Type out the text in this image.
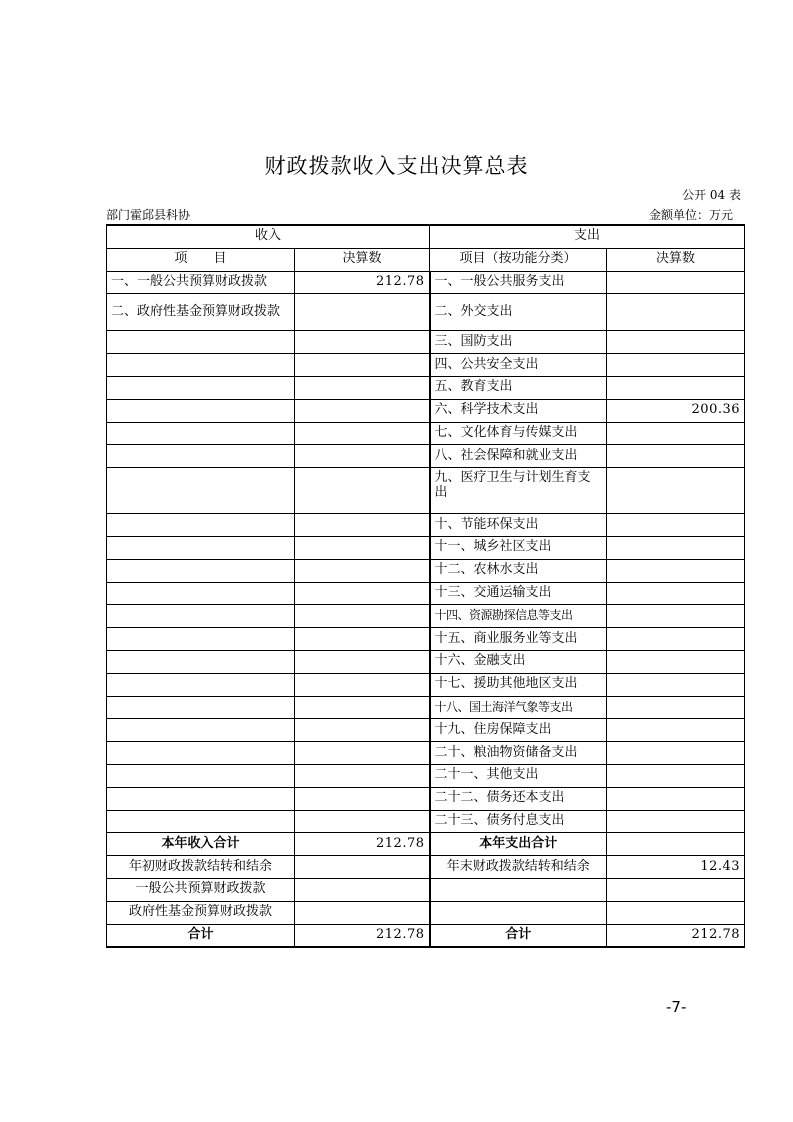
财政拨款收入支出决算总表
公开 04 表
部门霍邱县科协	金额单位：万元
收入		支出	
项　　目	决算数	项目（按功能分类）	决算数
一、一般公共预算财政拨款	212.78	一、一般公共服务支出	
二、政府性基金预算财政拨款		二、外交支出	
		三、国防支出	
		四、公共安全支出	
		五、教育支出	
		六、科学技术支出	200.36
		七、文化体育与传媒支出	
		八、社会保障和就业支出	
		九、医疗卫生与计划生育支出	
		十、节能环保支出	
		十一、城乡社区支出	
		十二、农林水支出	
		十三、交通运输支出	
		十四、资源勘探信息等支出	
		十五、商业服务业等支出	
		十六、金融支出	
		十七、援助其他地区支出	
		十八、国土海洋气象等支出	
		十九、住房保障支出	
		二十、粮油物资储备支出	
		二十一、其他支出	
		二十二、债务还本支出	
		二十三、债务付息支出	
本年收入合计	212.78	本年支出合计	
年初财政拨款结转和结余		年末财政拨款结转和结余	12.43
一般公共预算财政拨款			
政府性基金预算财政拨款			
合计	212.78	合计	212.78
-7-
